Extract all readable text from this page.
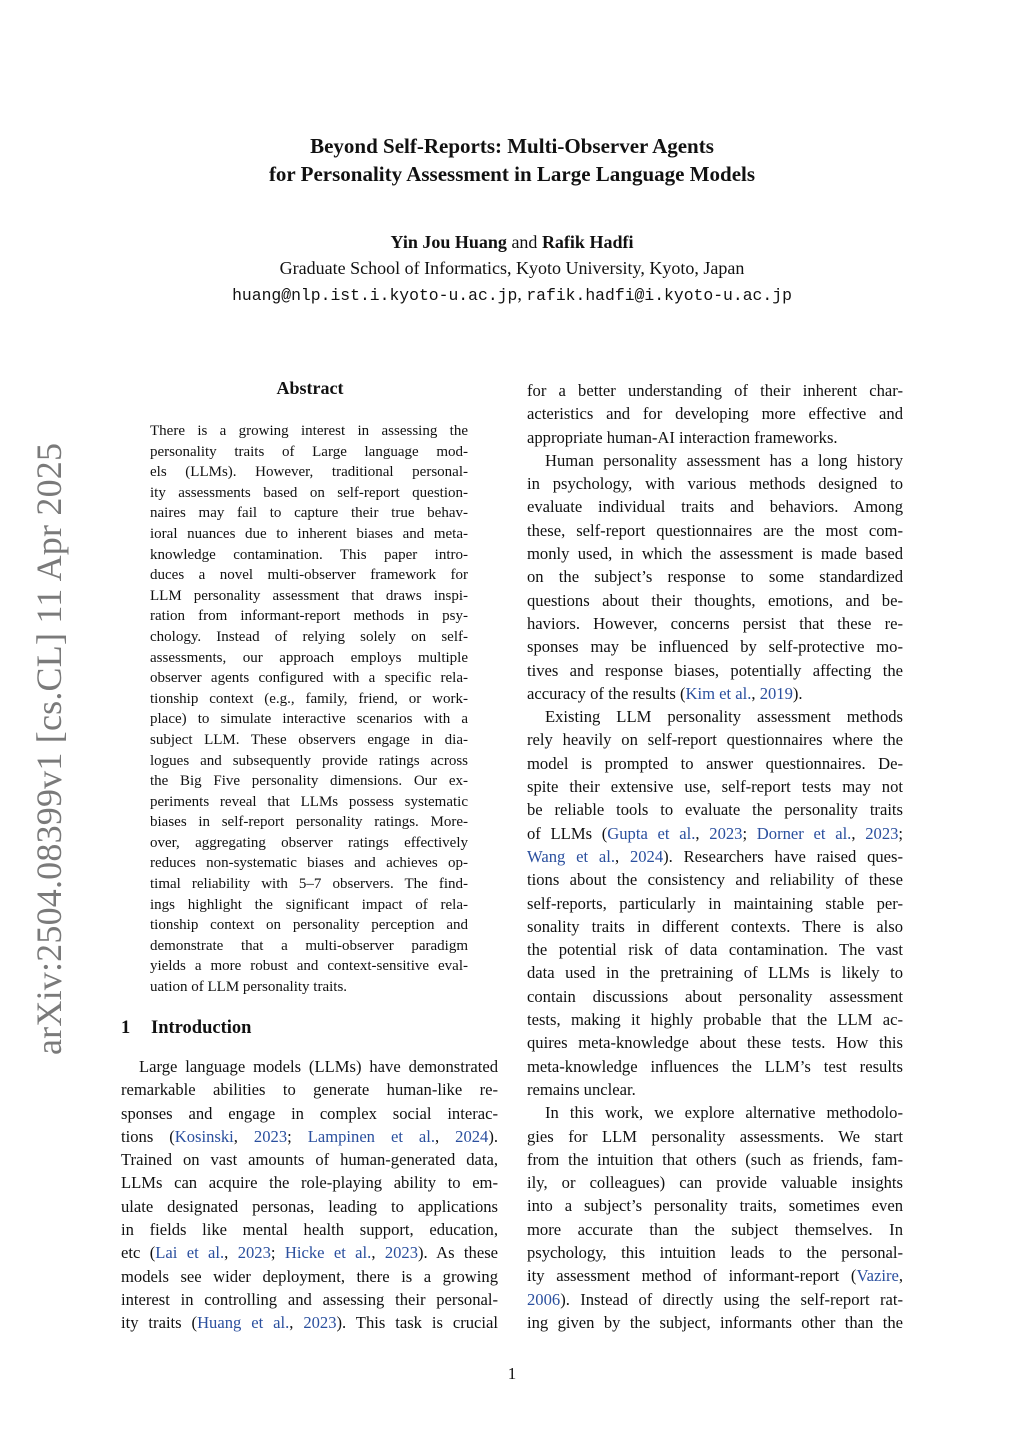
arXiv:2504.08399v1 [cs.CL] 11 Apr 2025
Beyond Self-Reports: Multi-Observer Agents
for Personality Assessment in Large Language Models
Yin Jou Huang and Rafik Hadfi
Graduate School of Informatics, Kyoto University, Kyoto, Japan
huang@nlp.ist.i.kyoto-u.ac.jp, rafik.hadfi@i.kyoto-u.ac.jp
Abstract
There is a growing interest in assessing the
personality traits of Large language mod-
els (LLMs). However, traditional personal-
ity assessments based on self-report question-
naires may fail to capture their true behav-
ioral nuances due to inherent biases and meta-
knowledge contamination. This paper intro-
duces a novel multi-observer framework for
LLM personality assessment that draws inspi-
ration from informant-report methods in psy-
chology. Instead of relying solely on self-
assessments, our approach employs multiple
observer agents configured with a specific rela-
tionship context (e.g., family, friend, or work-
place) to simulate interactive scenarios with a
subject LLM. These observers engage in dia-
logues and subsequently provide ratings across
the Big Five personality dimensions. Our ex-
periments reveal that LLMs possess systematic
biases in self-report personality ratings. More-
over, aggregating observer ratings effectively
reduces non-systematic biases and achieves op-
timal reliability with 5–7 observers. The find-
ings highlight the significant impact of rela-
tionship context on personality perception and
demonstrate that a multi-observer paradigm
yields a more robust and context-sensitive eval-
uation of LLM personality traits.
1 Introduction
Large language models (LLMs) have demonstrated
remarkable abilities to generate human-like re-
sponses and engage in complex social interac-
tions (Kosinski, 2023; Lampinen et al., 2024).
Trained on vast amounts of human-generated data,
LLMs can acquire the role-playing ability to em-
ulate designated personas, leading to applications
in fields like mental health support, education,
etc (Lai et al., 2023; Hicke et al., 2023). As these
models see wider deployment, there is a growing
interest in controlling and assessing their personal-
ity traits (Huang et al., 2023). This task is crucial
for a better understanding of their inherent char-
acteristics and for developing more effective and
appropriate human-AI interaction frameworks.
Human personality assessment has a long history
in psychology, with various methods designed to
evaluate individual traits and behaviors. Among
these, self-report questionnaires are the most com-
monly used, in which the assessment is made based
on the subject’s response to some standardized
questions about their thoughts, emotions, and be-
haviors. However, concerns persist that these re-
sponses may be influenced by self-protective mo-
tives and response biases, potentially affecting the
accuracy of the results (Kim et al., 2019).
Existing LLM personality assessment methods
rely heavily on self-report questionnaires where the
model is prompted to answer questionnaires. De-
spite their extensive use, self-report tests may not
be reliable tools to evaluate the personality traits
of LLMs (Gupta et al., 2023; Dorner et al., 2023;
Wang et al., 2024). Researchers have raised ques-
tions about the consistency and reliability of these
self-reports, particularly in maintaining stable per-
sonality traits in different contexts. There is also
the potential risk of data contamination. The vast
data used in the pretraining of LLMs is likely to
contain discussions about personality assessment
tests, making it highly probable that the LLM ac-
quires meta-knowledge about these tests. How this
meta-knowledge influences the LLM’s test results
remains unclear.
In this work, we explore alternative methodolo-
gies for LLM personality assessments. We start
from the intuition that others (such as friends, fam-
ily, or colleagues) can provide valuable insights
into a subject’s personality traits, sometimes even
more accurate than the subject themselves. In
psychology, this intuition leads to the personal-
ity assessment method of informant-report (Vazire,
2006). Instead of directly using the self-report rat-
ing given by the subject, informants other than the
1
